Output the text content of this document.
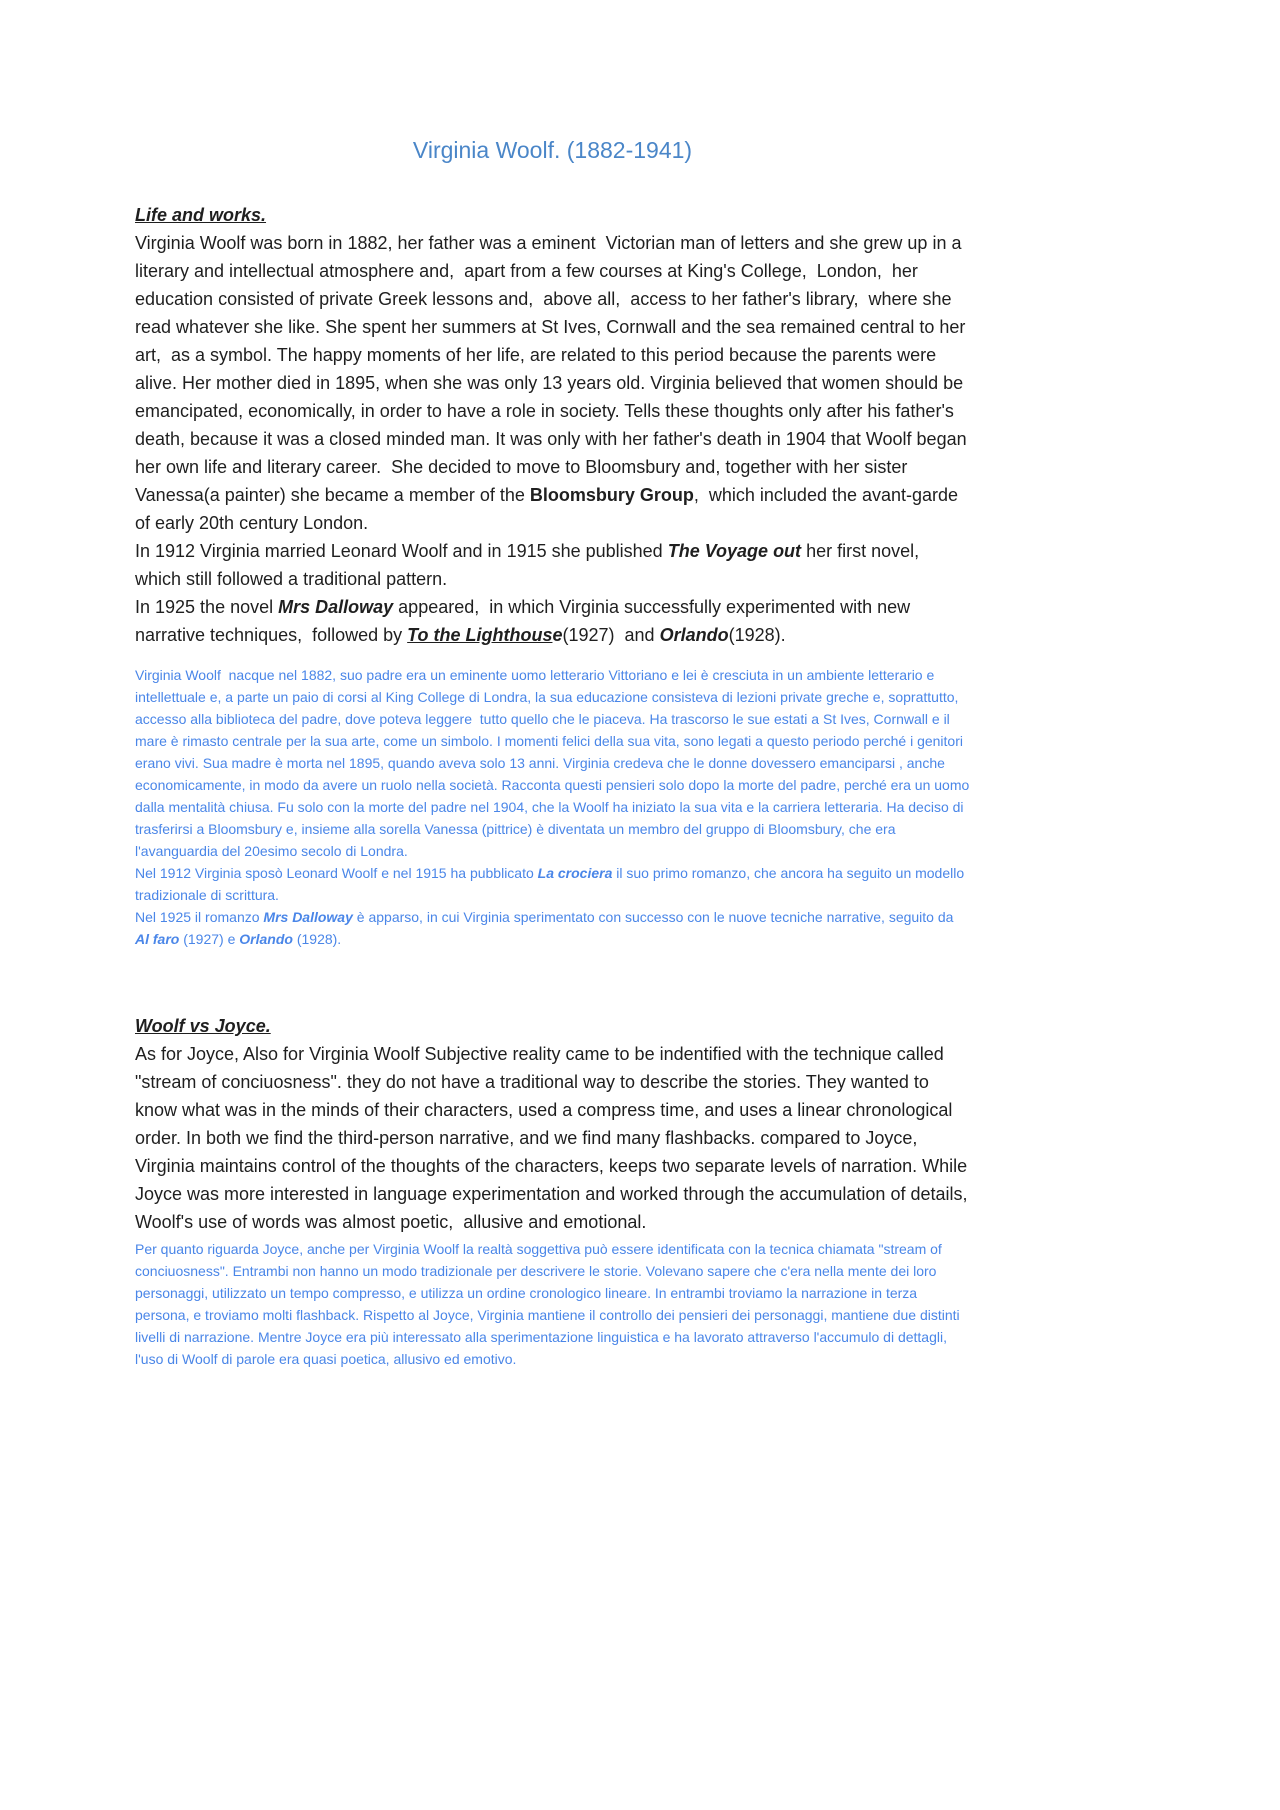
Virginia Woolf. (1882-1941)
Life and works.

Virginia Woolf was born in 1882, her father was a eminent  Victorian man of letters and she grew up in a literary and intellectual atmosphere and,  apart from a few courses at King's College,  London,  her education consisted of private Greek lessons and,  above all,  access to her father's library,  where she read whatever she like. She spent her summers at St Ives, Cornwall and the sea remained central to her art,  as a symbol. The happy moments of her life, are related to this period because the parents were alive. Her mother died in 1895, when she was only 13 years old. Virginia believed that women should be emancipated, economically, in order to have a role in society. Tells these thoughts only after his father's death, because it was a closed minded man. It was only with her father's death in 1904 that Woolf began her own life and literary career.  She decided to move to Bloomsbury and, together with her sister Vanessa(a painter) she became a member of the Bloomsbury Group,  which included the avant-garde of early 20th century London.

In 1912 Virginia married Leonard Woolf and in 1915 she published The Voyage out her first novel,  which still followed a traditional pattern.

In 1925 the novel Mrs Dalloway appeared,  in which Virginia successfully experimented with new narrative techniques,  followed by To the Lighthouse(1927)  and Orlando(1928).

Virginia Woolf  nacque nel 1882, suo padre era un eminente uomo letterario Vittoriano e lei è cresciuta in un ambiente letterario e intellettuale e, a parte un paio di corsi al King College di Londra, la sua educazione consisteva di lezioni private greche e, soprattutto, accesso alla biblioteca del padre, dove poteva leggere  tutto quello che le piaceva. Ha trascorso le sue estati a St Ives, Cornwall e il mare è rimasto centrale per la sua arte, come un simbolo. I momenti felici della sua vita, sono legati a questo periodo perché i genitori erano vivi. Sua madre è morta nel 1895, quando aveva solo 13 anni. Virginia credeva che le donne dovessero emanciparsi , anche economicamente, in modo da avere un ruolo nella società. Racconta questi pensieri solo dopo la morte del padre, perché era un uomo dalla mentalità chiusa. Fu solo con la morte del padre nel 1904, che la Woolf ha iniziato la sua vita e la carriera letteraria. Ha deciso di trasferirsi a Bloomsbury e, insieme alla sorella Vanessa (pittrice) è diventata un membro del gruppo di Bloomsbury, che era l'avanguardia del 20esimo secolo di Londra.

Nel 1912 Virginia sposò Leonard Woolf e nel 1915 ha pubblicato La crociera il suo primo romanzo, che ancora ha seguito un modello tradizionale di scrittura.

Nel 1925 il romanzo Mrs Dalloway è apparso, in cui Virginia sperimentato con successo con le nuove tecniche narrative, seguito da Al faro (1927) e Orlando (1928).

Woolf vs Joyce.

As for Joyce, Also for Virginia Woolf Subjective reality came to be indentified with the technique called "stream of conciuosness". they do not have a traditional way to describe the stories. They wanted to know what was in the minds of their characters, used a compress time, and uses a linear chronological order. In both we find the third-person narrative, and we find many flashbacks. compared to Joyce, Virginia maintains control of the thoughts of the characters, keeps two separate levels of narration. While Joyce was more interested in language experimentation and worked through the accumulation of details,  Woolf's use of words was almost poetic,  allusive and emotional.

Per quanto riguarda Joyce, anche per Virginia Woolf la realtà soggettiva può essere identificata con la tecnica chiamata "stream of conciuosness". Entrambi non hanno un modo tradizionale per descrivere le storie. Volevano sapere che c'era nella mente dei loro personaggi, utilizzato un tempo compresso, e utilizza un ordine cronologico lineare. In entrambi troviamo la narrazione in terza persona, e troviamo molti flashback. Rispetto al Joyce, Virginia mantiene il controllo dei pensieri dei personaggi, mantiene due distinti livelli di narrazione. Mentre Joyce era più interessato alla sperimentazione linguistica e ha lavorato attraverso l'accumulo di dettagli, l'uso di Woolf di parole era quasi poetica, allusivo ed emotivo.
